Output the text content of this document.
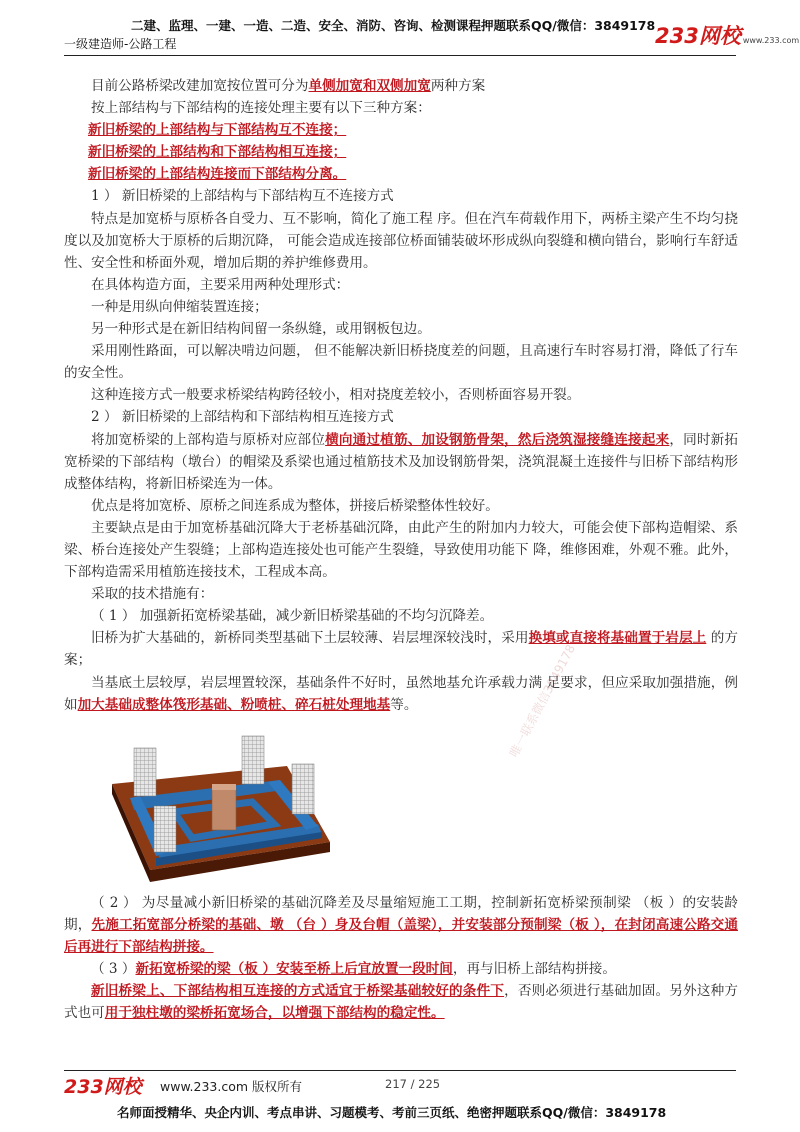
二建、监理、一建、一造、二造、安全、消防、咨询、检测课程押题联系QQ/微信：3849178
一级建造师-公路工程	233网校 www.233.com

目前公路桥梁改建加宽按位置可分为单侧加宽和双侧加宽两种方案

按上部结构与下部结构的连接处理主要有以下三种方案：

新旧桥梁的上部结构与下部结构互不连接；

新旧桥梁的上部结构和下部结构相互连接；

新旧桥梁的上部结构连接而下部结构分离。

1 ） 新旧桥梁的上部结构与下部结构互不连接方式

特点是加宽桥与原桥各自受力、互不影响，简化了施工程 序。但在汽车荷载作用下，两桥主梁产生不均匀挠度以及加宽桥大于原桥的后期沉降， 可能会造成连接部位桥面铺装破坏形成纵向裂缝和横向错台，影响行车舒适性、安全性和桥面外观，增加后期的养护维修费用。

在具体构造方面，主要采用两种处理形式：

一种是用纵向伸缩装置连接；

另一种形式是在新旧结构间留一条纵缝，或用钢板包边。

采用刚性路面，可以解决啃边问题， 但不能解决新旧桥挠度差的问题，且高速行车时容易打滑，降低了行车的安全性。

这种连接方式一般要求桥梁结构跨径较小，相对挠度差较小，否则桥面容易开裂。

2 ） 新旧桥梁的上部结构和下部结构相互连接方式

将加宽桥梁的上部构造与原桥对应部位横向通过植筋、加设钢筋骨架，然后浇筑湿接缝连接起来，同时新拓宽桥梁的下部结构（墩台）的帽梁及系梁也通过植筋技术及加设钢筋骨架，浇筑混凝土连接件与旧桥下部结构形成整体结构，将新旧桥梁连为一体。

优点是将加宽桥、原桥之间连系成为整体，拼接后桥梁整体性较好。

主要缺点是由于加宽桥基础沉降大于老桥基础沉降，由此产生的附加内力较大，可能会使下部构造帽梁、系梁、桥台连接处产生裂缝；上部构造连接处也可能产生裂缝，导致使用功能下 降，维修困难，外观不雅。此外，下部构造需采用植筋连接技术，工程成本高。

采取的技术措施有：

（ 1 ） 加强新拓宽桥梁基础，减少新旧桥梁基础的不均匀沉降差。

旧桥为扩大基础的，新桥同类型基础下土层较薄、岩层埋深较浅时，采用换填或直接将基础置于岩层上 的方案；

当基底土层较厚，岩层埋置较深，基础条件不好时，虽然地基允许承载力满 足要求，但应采取加强措施，例如加大基础成整体筏形基础、粉喷桩、碎石桩处理地基等。

（ 2 ） 为尽量减小新旧桥梁的基础沉降差及尽量缩短施工工期，控制新拓宽桥梁预制梁 （板 ）的安装龄期，先施工拓宽部分桥梁的基础、墩 （台 ）身及台帽（盖梁），并安装部分预制梁（板 ），在封闭高速公路交通后再进行下部结构拼接。

（ 3 ）新拓宽桥梁的梁（板 ）安装至桥上后宜放置一段时间，再与旧桥上部结构拼接。

新旧桥梁上、下部结构相互连接的方式适宜于桥梁基础较好的条件下，否则必须进行基础加固。另外这种方式也可用于独柱墩的梁桥拓宽场合，以增强下部结构的稳定性。

唯一联系微信3849178
233网校 www.233.com 版权所有	217 / 225
名师面授精华、央企内训、考点串讲、习题模考、考前三页纸、绝密押题联系QQ/微信：3849178
